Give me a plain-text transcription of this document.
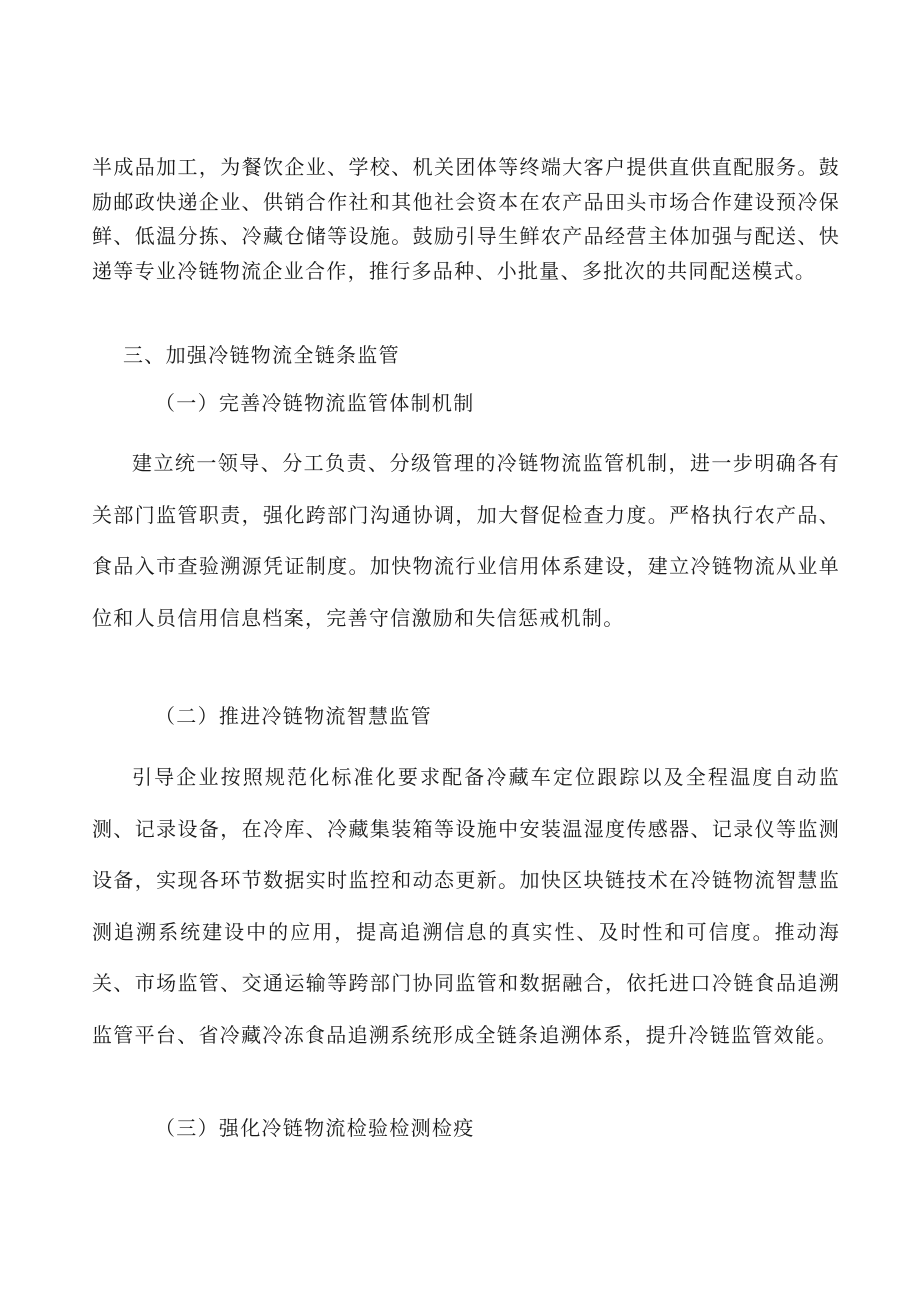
半成品加工，为餐饮企业、学校、机关团体等终端大客户提供直供直配服务。鼓励邮政快递企业、供销合作社和其他社会资本在农产品田头市场合作建设预冷保鲜、低温分拣、冷藏仓储等设施。鼓励引导生鲜农产品经营主体加强与配送、快递等专业冷链物流企业合作，推行多品种、小批量、多批次的共同配送模式。

三、加强冷链物流全链条监管

（一）完善冷链物流监管体制机制

建立统一领导、分工负责、分级管理的冷链物流监管机制，进一步明确各有关部门监管职责，强化跨部门沟通协调，加大督促检查力度。严格执行农产品、食品入市查验溯源凭证制度。加快物流行业信用体系建设，建立冷链物流从业单位和人员信用信息档案，完善守信激励和失信惩戒机制。

（二）推进冷链物流智慧监管

引导企业按照规范化标准化要求配备冷藏车定位跟踪以及全程温度自动监测、记录设备，在冷库、冷藏集装箱等设施中安装温湿度传感器、记录仪等监测设备，实现各环节数据实时监控和动态更新。加快区块链技术在冷链物流智慧监测追溯系统建设中的应用，提高追溯信息的真实性、及时性和可信度。推动海关、市场监管、交通运输等跨部门协同监管和数据融合，依托进口冷链食品追溯监管平台、省冷藏冷冻食品追溯系统形成全链条追溯体系，提升冷链监管效能。

（三）强化冷链物流检验检测检疫
